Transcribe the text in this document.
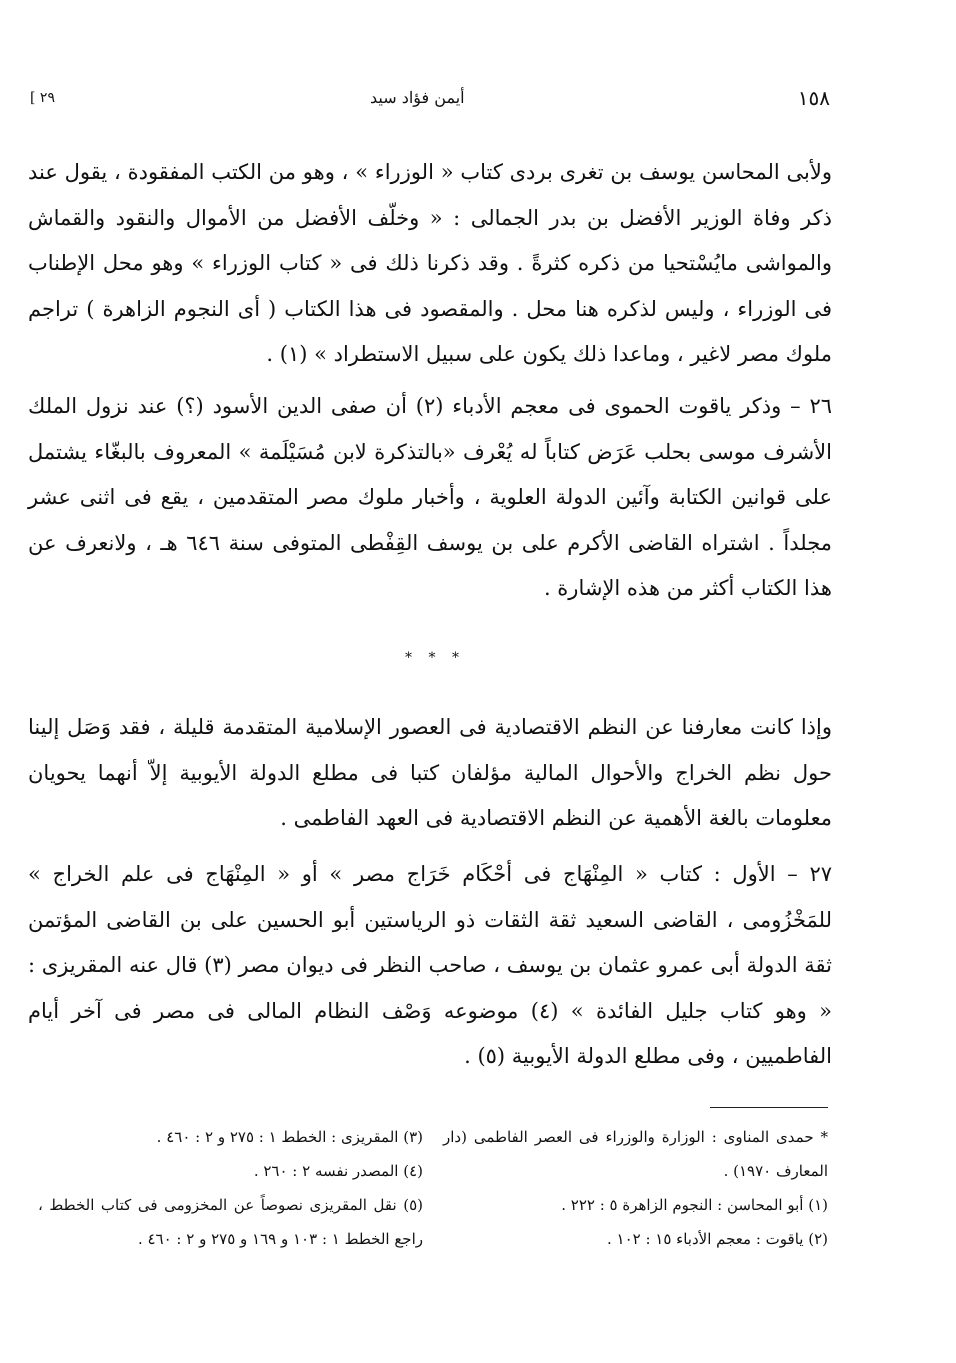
١٥٨
أيمن فؤاد سيد
[ ٢٩
ولأبى المحاسن يوسف بن تغرى بردى كتاب « الوزراء » ، وهو من الكتب المفقودة ، يقول عند ذكر وفاة الوزير الأفضل بن بدر الجمالى : « وخلّف الأفضل من الأموال والنقود والقماش والمواشى مايُسْتحيا من ذكره كثرةً . وقد ذكرنا ذلك فى « كتاب الوزراء » وهو محل الإطناب فى الوزراء ، وليس لذكره هنا محل . والمقصود فى هذا الكتاب ( أى النجوم الزاهرة ) تراجم ملوك مصر لاغير ، وماعدا ذلك يكون على سبيل الاستطراد » (١) .
٢٦ – وذكر ياقوت الحموى فى معجم الأدباء (٢) أن صفى الدين الأسود (؟) عند نزول الملك الأشرف موسى بحلب عَرَض كتاباً له يُعْرف «بالتذكرة لابن مُسَيْلَمة » المعروف بالبغّاء يشتمل على قوانين الكتابة وآئين الدولة العلوية ، وأخبار ملوك مصر المتقدمين ، يقع فى اثنى عشر مجلداً . اشتراه القاضى الأكرم على بن يوسف القِفْطى المتوفى سنة ٦٤٦ هـ ، ولانعرف عن هذا الكتاب أكثر من هذه الإشارة .
* * *
وإذا كانت معارفنا عن النظم الاقتصادية فى العصور الإسلامية المتقدمة قليلة ، فقد وَصَل إلينا حول نظم الخراج والأحوال المالية مؤلفان كتبا فى مطلع الدولة الأيوبية إلاّ أنهما يحويان معلومات بالغة الأهمية عن النظم الاقتصادية فى العهد الفاطمى .
٢٧ – الأول : كتاب « المِنْهَاج فى أحْكَام خَرَاج مصر » أو « المِنْهَاج فى علم الخراج » للمَخْزُومى ، القاضى السعيد ثقة الثقات ذو الرياستين أبو الحسين على بن القاضى المؤتمن ثقة الدولة أبى عمرو عثمان بن يوسف ، صاحب النظر فى ديوان مصر (٣) قال عنه المقريزى : « وهو كتاب جليل الفائدة » (٤) موضوعه وَصْف النظام المالى فى مصر فى آخر أيام الفاطميين ، وفى مطلع الدولة الأيوبية (٥) .
* حمدى المناوى : الوزارة والوزراء فى العصر الفاطمى (دار المعارف ١٩٧٠) .
(١) أبو المحاسن : النجوم الزاهرة ٥ : ٢٢٢ .
(٢) ياقوت : معجم الأدباء ١٥ : ١٠٢ .
(٣) المقريزى : الخطط ١ : ٢٧٥ و ٢ : ٤٦٠ .
(٤) المصدر نفسه ٢ : ٢٦٠ .
(٥) نقل المقريزى نصوصاً عن المخزومى فى كتاب الخطط ، راجع الخطط ١ : ١٠٣ و ١٦٩ و ٢٧٥ و ٢ : ٤٦٠ .
